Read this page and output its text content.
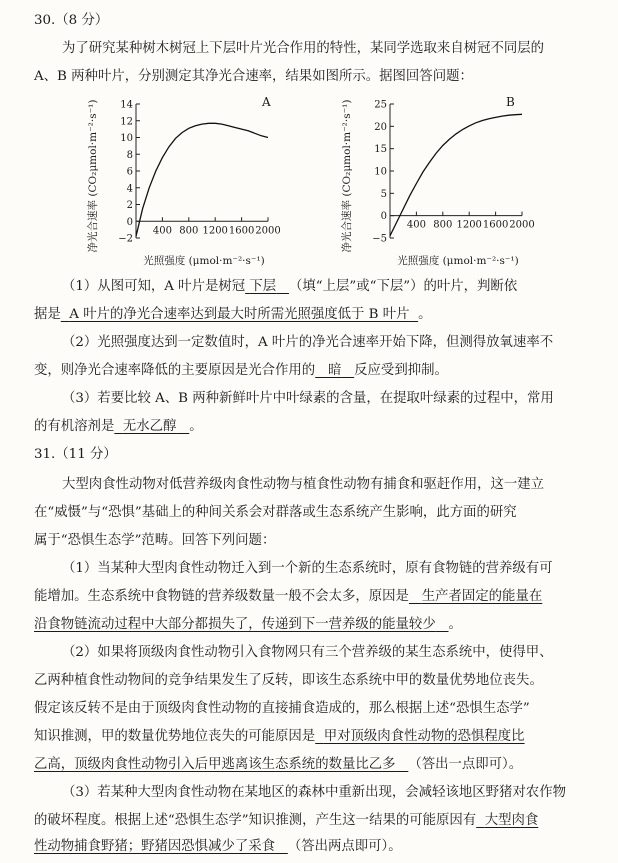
30.（8 分）
为了研究某种树木树冠上下层叶片光合作用的特性，某同学选取来自树冠不同层的
A、B 两种叶片，分别测定其净光合速率，结果如图所示。据图回答问题：
A
−2
0
2
4
6
8
10
12
14
400 800 1200 1600 2000
净光合速率 (CO₂μmol·m⁻²·s⁻¹)
光照强度 (μmol·m⁻²·s⁻¹)
B
−5
0
5
10
15
20
25
400 800 1200 1600 2000
净光合速率 (CO₂μmol·m⁻²·s⁻¹)
光照强度 (μmol·m⁻²·s⁻¹)
（1）从图可知，A 叶片是树冠 下层 （填“上层”或“下层”）的叶片，判断依
据是 A 叶片的净光合速率达到最大时所需光照强度低于 B 叶片 。
（2）光照强度达到一定数值时，A 叶片的净光合速率开始下降，但测得放氧速率不
变，则净光合速率降低的主要原因是光合作用的 暗 反应受到抑制。
（3）若要比较 A、B 两种新鲜叶片中叶绿素的含量，在提取叶绿素的过程中，常用
的有机溶剂是 无水乙醇 。
31.（11 分）
大型肉食性动物对低营养级肉食性动物与植食性动物有捕食和驱赶作用，这一建立
在“威慑”与“恐惧”基础上的种间关系会对群落或生态系统产生影响，此方面的研究
属于“恐惧生态学”范畴。回答下列问题：
（1）当某种大型肉食性动物迁入到一个新的生态系统时，原有食物链的营养级有可
能增加。生态系统中食物链的营养级数量一般不会太多，原因是 生产者固定的能量在
沿食物链流动过程中大部分都损失了，传递到下一营养级的能量较少 。
（2）如果将顶级肉食性动物引入食物网只有三个营养级的某生态系统中，使得甲、
乙两种植食性动物间的竞争结果发生了反转，即该生态系统中甲的数量优势地位丧失。
假定该反转不是由于顶级肉食性动物的直接捕食造成的，那么根据上述“恐惧生态学”
知识推测，甲的数量优势地位丧失的可能原因是 甲对顶级肉食性动物的恐惧程度比
乙高，顶级肉食性动物引入后甲逃离该生态系统的数量比乙多 （答出一点即可）。
（3）若某种大型肉食性动物在某地区的森林中重新出现，会减轻该地区野猪对农作物
的破坏程度。根据上述“恐惧生态学”知识推测，产生这一结果的可能原因有 大型肉食
性动物捕食野猪；野猪因恐惧减少了采食 （答出两点即可）。
